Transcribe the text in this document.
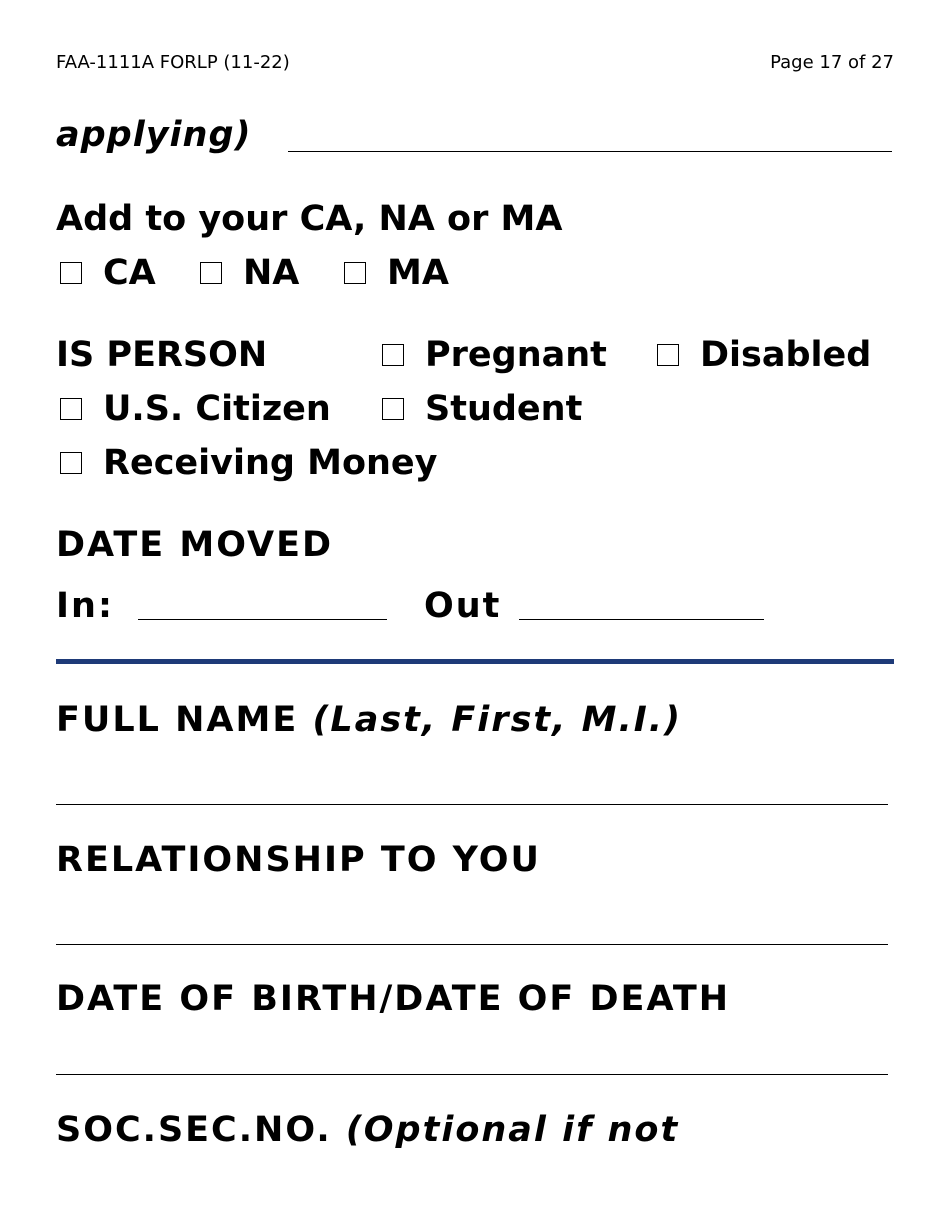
FAA-1111A FORLP (11-22)	Page 17 of 27
applying)
Add to your CA, NA or MA
CA NA	MA
IS PERSON	Pregnant	Disabled
U.S. Citizen	Student
Receiving Money
DATE MOVED
In:	Out
FULL NAME (Last, First, M.I.)
RELATIONSHIP TO YOU
DATE OF BIRTH/DATE OF DEATH
SOC.SEC.NO. (Optional if not
